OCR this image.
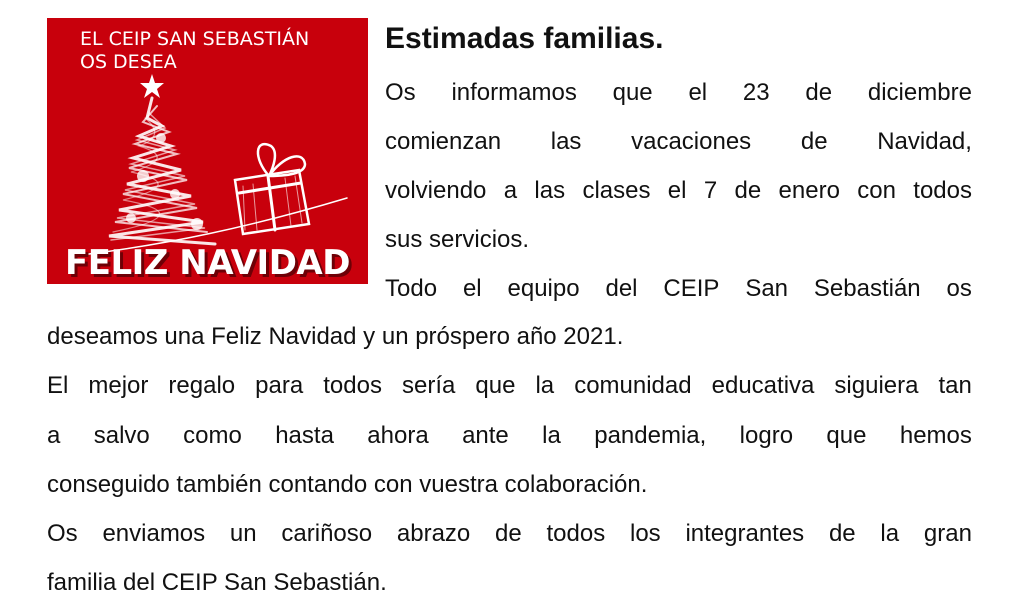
EL CEIP SAN SEBASTIÁN
OS DESEA

FELIZ NAVIDAD

Estimadas familias.

Os informamos que el 23 de diciembre

comienzan las vacaciones de Navidad,

volviendo a las clases el 7 de enero con todos

sus servicios.

Todo el equipo del CEIP San Sebastián os

deseamos una Feliz Navidad y un próspero año 2021.

El mejor regalo para todos sería que la comunidad educativa siguiera tan

a salvo como hasta ahora ante la pandemia, logro que hemos

conseguido también contando con vuestra colaboración.

Os enviamos un cariñoso abrazo de todos los integrantes de la gran

familia del CEIP San Sebastián.
